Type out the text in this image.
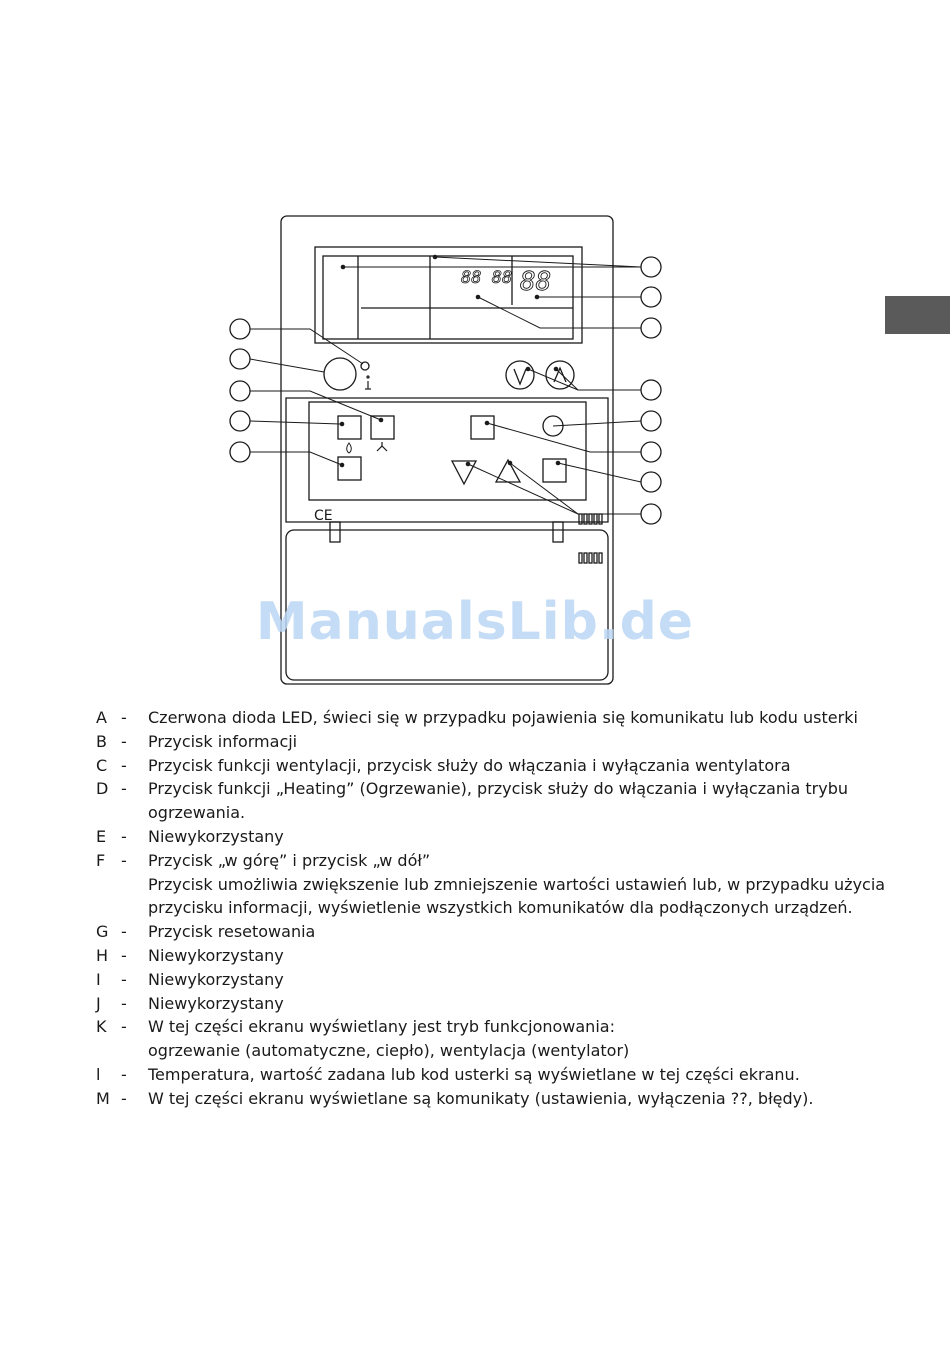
88 88 88
CE
ManualsLib.de
A - Czerwona dioda LED, świeci się w przypadku pojawienia się komunikatu lub kodu usterki
B - Przycisk informacji
C - Przycisk funkcji wentylacji, przycisk służy do włączania i wyłączania wentylatora
D - Przycisk funkcji „Heating” (Ogrzewanie), przycisk służy do włączania i wyłączania trybu
ogrzewania.
E - Niewykorzystany
F - Przycisk „w górę” i przycisk „w dół”
Przycisk umożliwia zwiększenie lub zmniejszenie wartości ustawień lub, w przypadku użycia
przycisku informacji, wyświetlenie wszystkich komunikatów dla podłączonych urządzeń.
G - Przycisk resetowania
H - Niewykorzystany
I	- Niewykorzystany
J	- Niewykorzystany
K - W tej części ekranu wyświetlany jest tryb funkcjonowania:
ogrzewanie (automatyczne, ciepło), wentylacja (wentylator)
l	- Temperatura, wartość zadana lub kod usterki są wyświetlane w tej części ekranu.
M - W tej części ekranu wyświetlane są komunikaty (ustawienia, wyłączenia ??, błędy).
